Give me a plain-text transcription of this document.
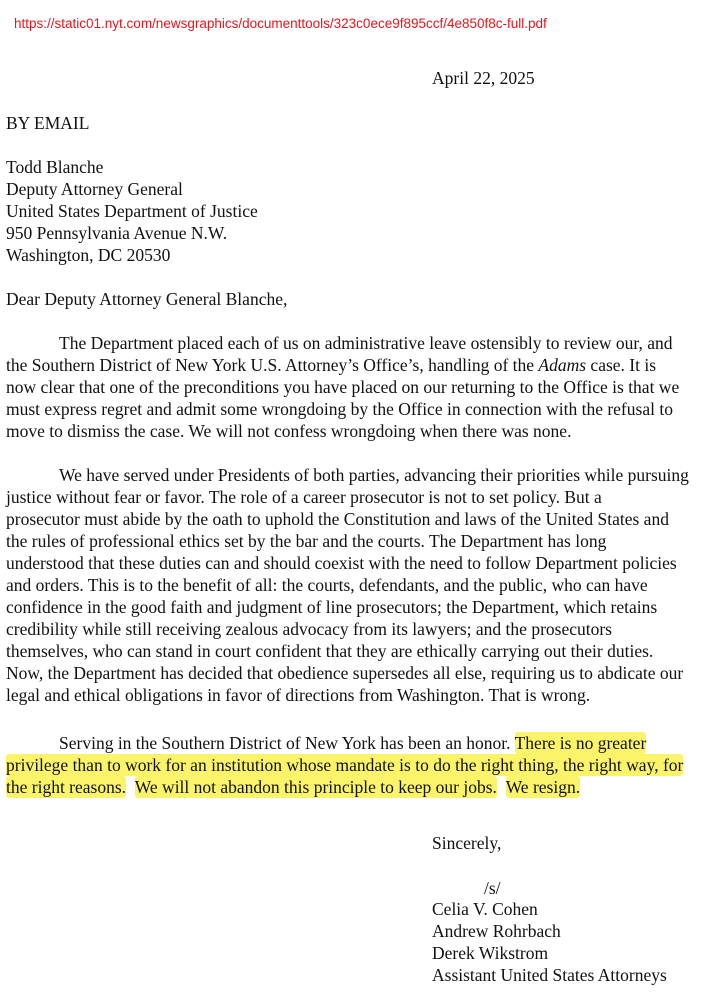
https://static01.nyt.com/newsgraphics/documenttools/323c0ece9f895ccf/4e850f8c-full.pdf
April 22, 2025
BY EMAIL
Todd Blanche
Deputy Attorney General
United States Department of Justice
950 Pennsylvania Avenue N.W.
Washington, DC 20530
Dear Deputy Attorney General Blanche,
The Department placed each of us on administrative leave ostensibly to review our, and
the Southern District of New York U.S. Attorney’s Office’s, handling of the Adams case. It is
now clear that one of the preconditions you have placed on our returning to the Office is that we
must express regret and admit some wrongdoing by the Office in connection with the refusal to
move to dismiss the case. We will not confess wrongdoing when there was none.
We have served under Presidents of both parties, advancing their priorities while pursuing
justice without fear or favor. The role of a career prosecutor is not to set policy. But a
prosecutor must abide by the oath to uphold the Constitution and laws of the United States and
the rules of professional ethics set by the bar and the courts. The Department has long
understood that these duties can and should coexist with the need to follow Department policies
and orders. This is to the benefit of all: the courts, defendants, and the public, who can have
confidence in the good faith and judgment of line prosecutors; the Department, which retains
credibility while still receiving zealous advocacy from its lawyers; and the prosecutors
themselves, who can stand in court confident that they are ethically carrying out their duties.
Now, the Department has decided that obedience supersedes all else, requiring us to abdicate our
legal and ethical obligations in favor of directions from Washington. That is wrong.
Serving in the Southern District of New York has been an honor. There is no greater
privilege than to work for an institution whose mandate is to do the right thing, the right way, for
the right reasons. We will not abandon this principle to keep our jobs. We resign.
Sincerely,
/s/
Celia V. Cohen
Andrew Rohrbach
Derek Wikstrom
Assistant United States Attorneys
